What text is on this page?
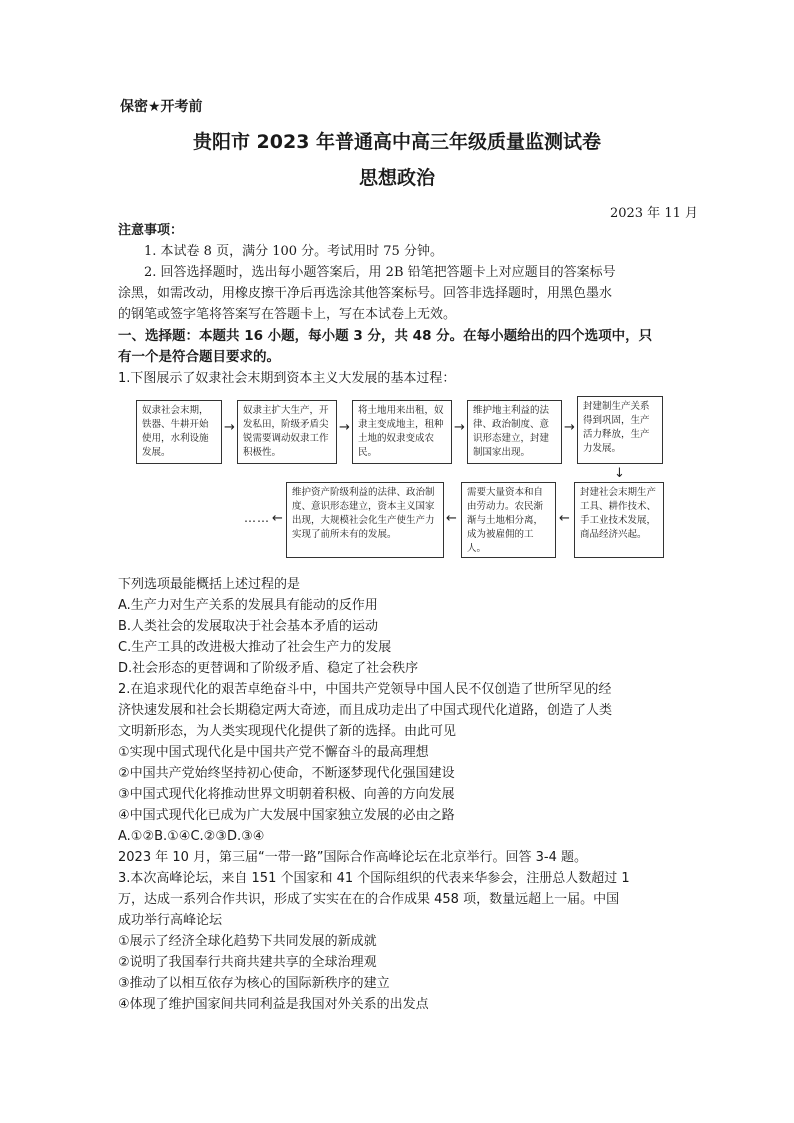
保密★开考前
贵阳市 2023 年普通高中高三年级质量监测试卷
思想政治
2023 年 11 月
注意事项：
1. 本试卷 8 页，满分 100 分。考试用时 75 分钟。
2. 回答选择题时，选出每小题答案后，用 2B 铅笔把答题卡上对应题目的答案标号
涂黑，如需改动，用橡皮擦干净后再选涂其他答案标号。回答非选择题时，用黑色墨水
的钢笔或签字笔将答案写在答题卡上，写在本试卷上无效。
一、选择题：本题共 16 小题，每小题 3 分，共 48 分。在每小题给出的四个选项中，只
有一个是符合题目要求的。
1.下图展示了奴隶社会末期到资本主义大发展的基本过程：
奴隶社会末期，铁器、牛耕开始使用，水利设施发展。
→
奴隶主扩大生产，开发私田，阶级矛盾尖锐需要调动奴隶工作积极性。
→
将土地用来出租，奴隶主变成地主，租种土地的奴隶变成农民。
→
维护地主利益的法律、政治制度、意识形态建立，封建制国家出现。
→
封建制生产关系得到巩固，生产活力释放，生产力发展。
↓
封建社会末期生产工具、耕作技术、手工业技术发展，商品经济兴起。
←
需要大量资本和自由劳动力。农民渐渐与土地相分离，成为被雇佣的工人。
←
维护资产阶级利益的法律、政治制度、意识形态建立，资本主义国家出现，大规模社会化生产使生产力实现了前所未有的发展。
←
……
下列选项最能概括上述过程的是
A.生产力对生产关系的发展具有能动的反作用
B.人类社会的发展取决于社会基本矛盾的运动
C.生产工具的改进极大推动了社会生产力的发展
D.社会形态的更替调和了阶级矛盾、稳定了社会秩序
2.在追求现代化的艰苦卓绝奋斗中，中国共产党领导中国人民不仅创造了世所罕见的经
济快速发展和社会长期稳定两大奇迹，而且成功走出了中国式现代化道路，创造了人类
文明新形态，为人类实现现代化提供了新的选择。由此可见
①实现中国式现代化是中国共产党不懈奋斗的最高理想
②中国共产党始终坚持初心使命，不断逐梦现代化强国建设
③中国式现代化将推动世界文明朝着积极、向善的方向发展
④中国式现代化已成为广大发展中国家独立发展的必由之路
A.①②B.①④C.②③D.③④
2023 年 10 月，第三届“一带一路”国际合作高峰论坛在北京举行。回答 3-4 题。
3.本次高峰论坛，来自 151 个国家和 41 个国际组织的代表来华参会，注册总人数超过 1
万，达成一系列合作共识，形成了实实在在的合作成果 458 项，数量远超上一届。中国
成功举行高峰论坛
①展示了经济全球化趋势下共同发展的新成就
②说明了我国奉行共商共建共享的全球治理观
③推动了以相互依存为核心的国际新秩序的建立
④体现了维护国家间共同利益是我国对外关系的出发点
